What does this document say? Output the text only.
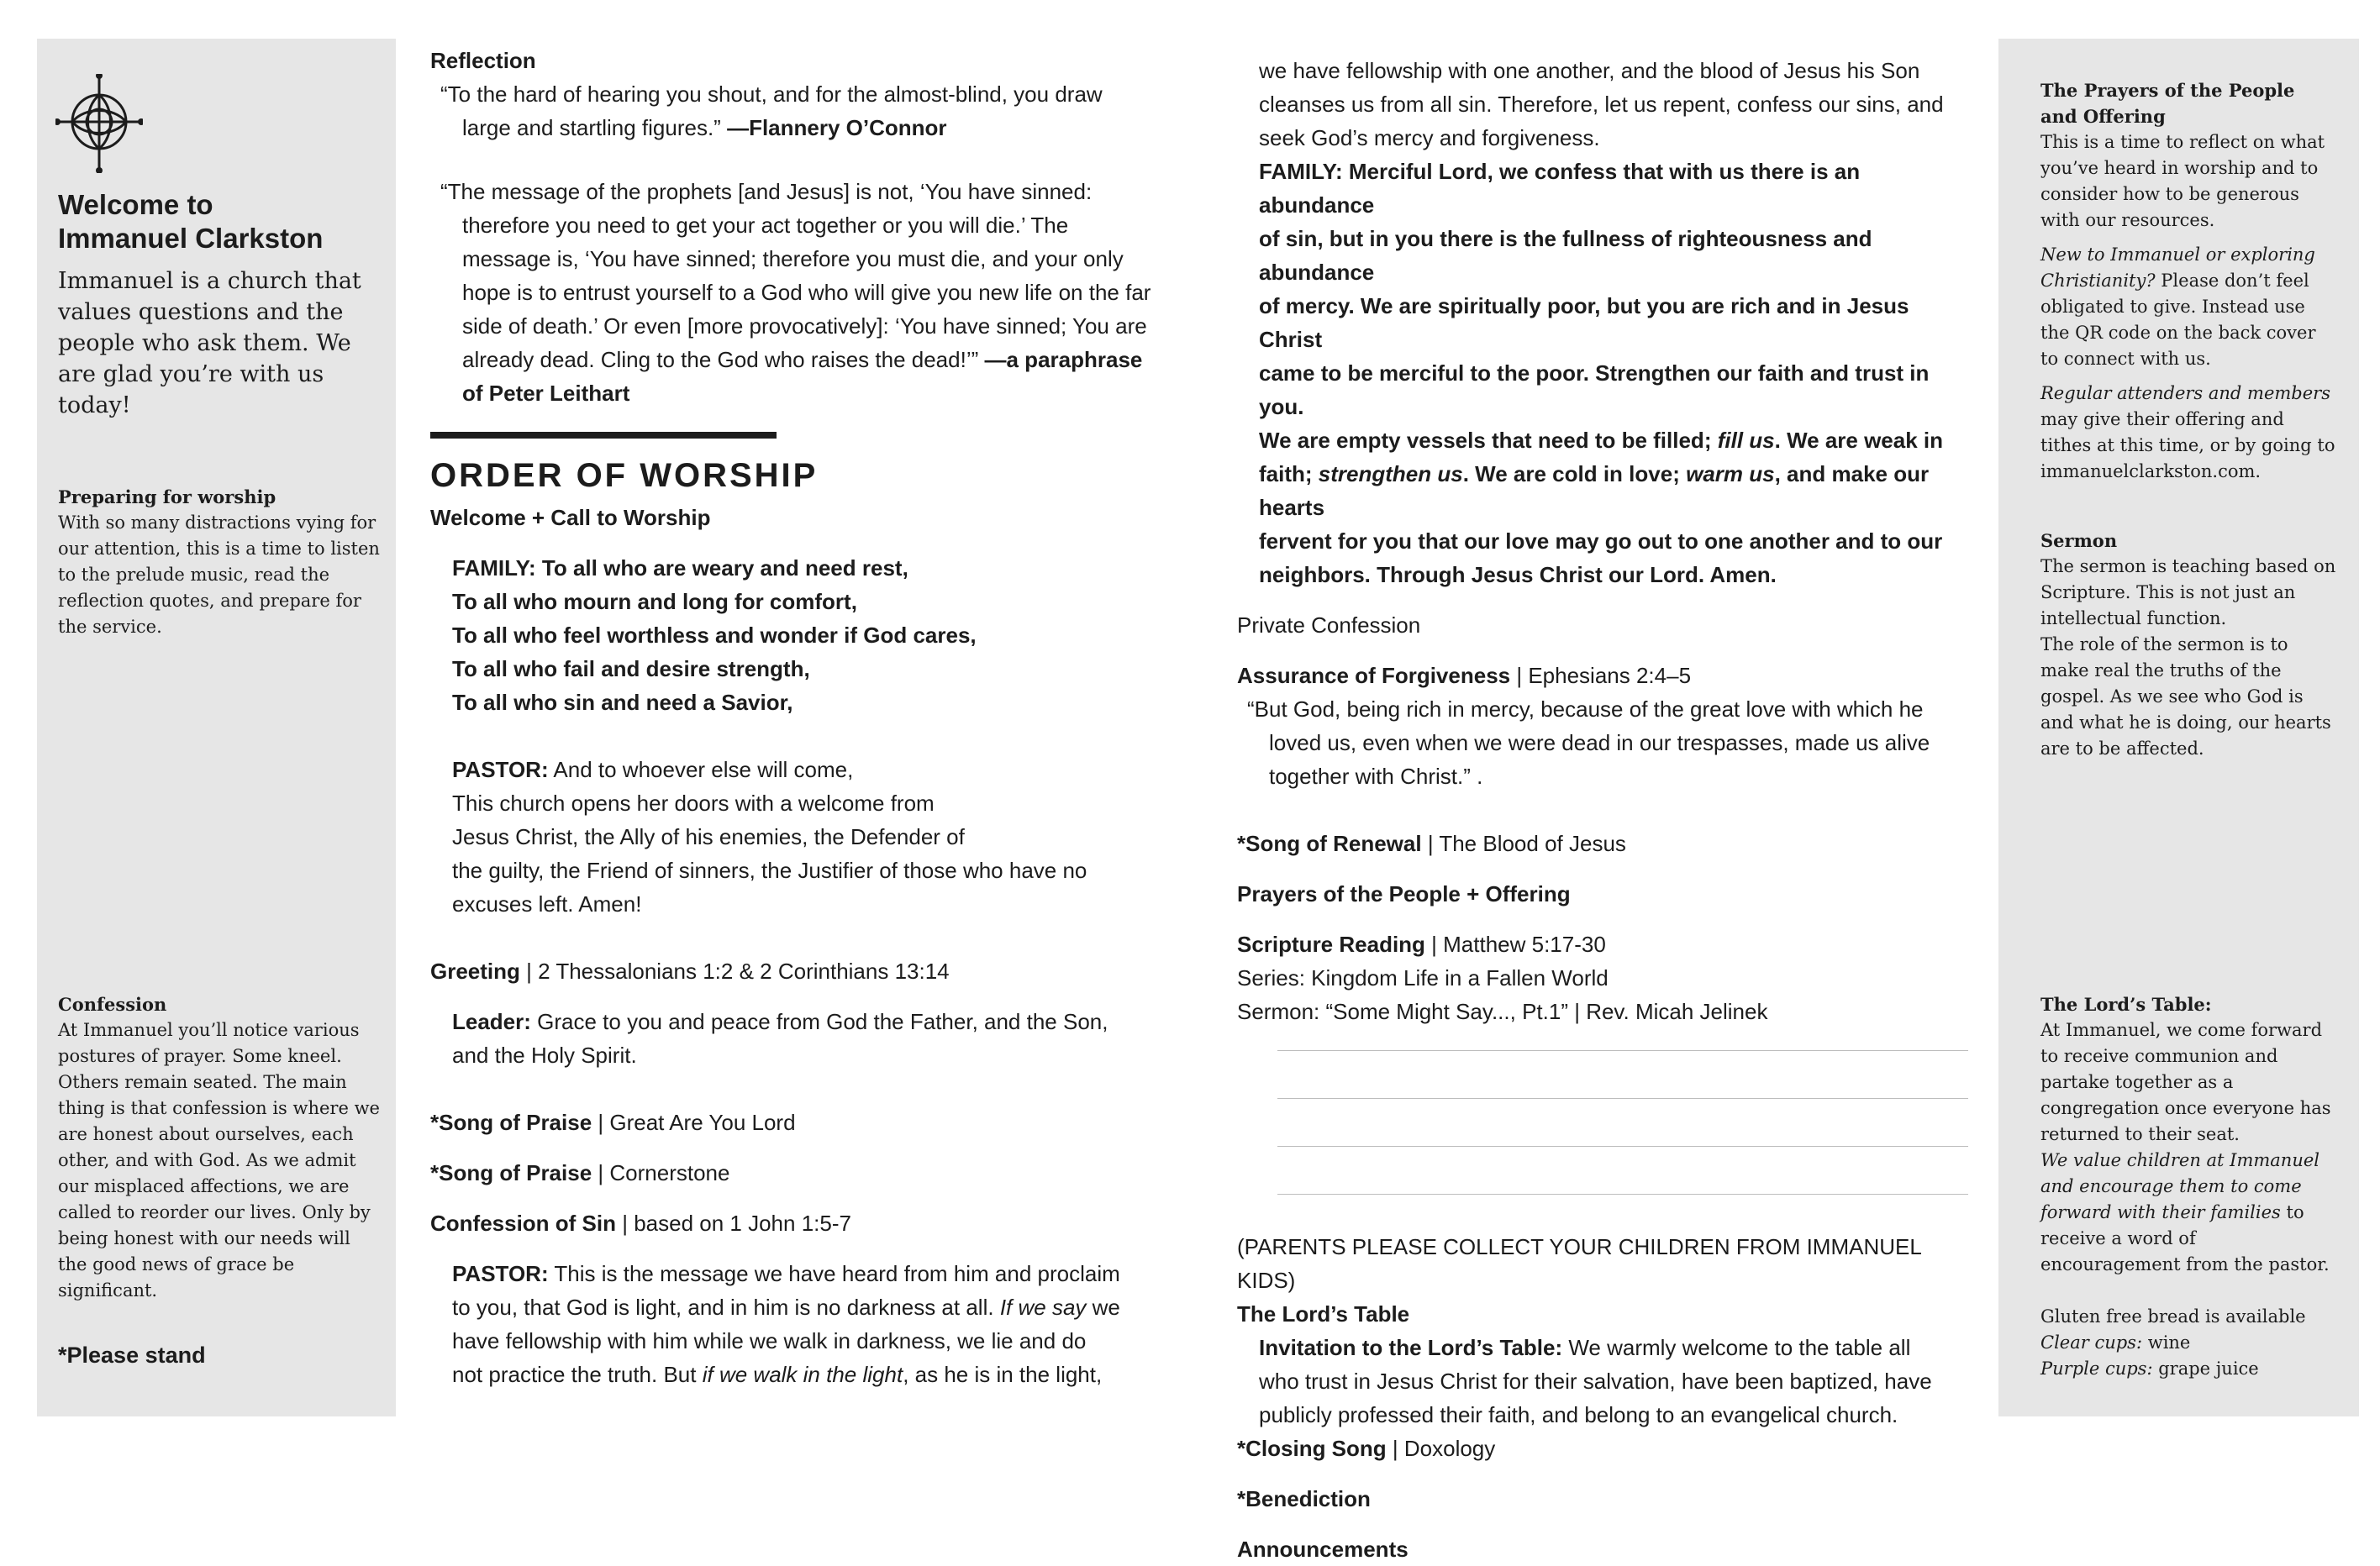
Welcome to
Immanuel Clarkston
Immanuel is a church that values questions and the people who ask them. We are glad you’re with us today!
Preparing for worship

With so many distractions vying for our attention, this is a time to listen to the prelude music, read the reflection quotes, and prepare for the service.

Confession

At Immanuel you’ll notice various postures of prayer. Some kneel. Others remain seated. The main thing is that confession is where we are honest about ourselves, each other, and with God. As we admit our misplaced affections, we are called to reorder our lives. Only by being honest with our needs will the good news of grace be significant.

*Please stand
Reflection
“To the hard of hearing you shout, and for the almost-blind, you draw
large and startling figures.” —Flannery O’Connor
“The message of the prophets [and Jesus] is not, ‘You have sinned:
therefore you need to get your act together or you will die.’ The
message is, ‘You have sinned; therefore you must die, and your only
hope is to entrust yourself to a God who will give you new life on the far
side of death.’ Or even [more provocatively]: ‘You have sinned; You are
already dead. Cling to the God who raises the dead!’” —a paraphrase
of Peter Leithart
ORDER OF WORSHIP
Welcome + Call to Worship
FAMILY: To all who are weary and need rest,
To all who mourn and long for comfort,
To all who feel worthless and wonder if God cares,
To all who fail and desire strength,
To all who sin and need a Savior,
PASTOR: And to whoever else will come,
This church opens her doors with a welcome from
Jesus Christ, the Ally of his enemies, the Defender of
the guilty, the Friend of sinners, the Justifier of those who have no
excuses left. Amen!
Greeting | 2 Thessalonians 1:2 & 2 Corinthians 13:14
Leader: Grace to you and peace from God the Father, and the Son,
and the Holy Spirit.
*Song of Praise | Great Are You Lord
*Song of Praise | Cornerstone
Confession of Sin | based on 1 John 1:5-7
PASTOR: This is the message we have heard from him and proclaim
to you, that God is light, and in him is no darkness at all. If we say we
have fellowship with him while we walk in darkness, we lie and do
not practice the truth. But if we walk in the light, as he is in the light,
we have fellowship with one another, and the blood of Jesus his Son
cleanses us from all sin. Therefore, let us repent, confess our sins, and
seek God’s mercy and forgiveness.
FAMILY: Merciful Lord, we confess that with us there is an abundance
of sin, but in you there is the fullness of righteousness and abundance
of mercy. We are spiritually poor, but you are rich and in Jesus Christ
came to be merciful to the poor. Strengthen our faith and trust in you.
We are empty vessels that need to be filled; fill us. We are weak in
faith; strengthen us. We are cold in love; warm us, and make our hearts
fervent for you that our love may go out to one another and to our
neighbors. Through Jesus Christ our Lord. Amen.
Private Confession
Assurance of Forgiveness | Ephesians 2:4–5
“But God, being rich in mercy, because of the great love with which he
loved us, even when we were dead in our trespasses, made us alive
together with Christ.” .
*Song of Renewal | The Blood of Jesus
Prayers of the People + Offering
Scripture Reading | Matthew 5:17-30
Series: Kingdom Life in a Fallen World
Sermon: “Some Might Say..., Pt.1” | Rev. Micah Jelinek
(PARENTS PLEASE COLLECT YOUR CHILDREN FROM IMMANUEL KIDS)
The Lord’s Table
Invitation to the Lord’s Table: We warmly welcome to the table all
who trust in Jesus Christ for their salvation, have been baptized, have
publicly professed their faith, and belong to an evangelical church.
*Closing Song | Doxology
*Benediction
Announcements
The Prayers of the People
and Offering

This is a time to reflect on what you’ve heard in worship and to consider how to be generous with our resources.

New to Immanuel or exploring Christianity? Please don’t feel obligated to give. Instead use the QR code on the back cover to connect with us.

Regular attenders and members may give their offering and tithes at this time, or by going to immanuelclarkston.com.

Sermon

The sermon is teaching based on Scripture. This is not just an intellectual function.

The role of the sermon is to make real the truths of the gospel. As we see who God is and what he is doing, our hearts are to be affected.

The Lord’s Table:

At Immanuel, we come forward to receive communion and partake together as a congregation once everyone has returned to their seat.

We value children at Immanuel and encourage them to come forward with their families to receive a word of encouragement from the pastor.

Gluten free bread is available

Clear cups: wine

Purple cups: grape juice
